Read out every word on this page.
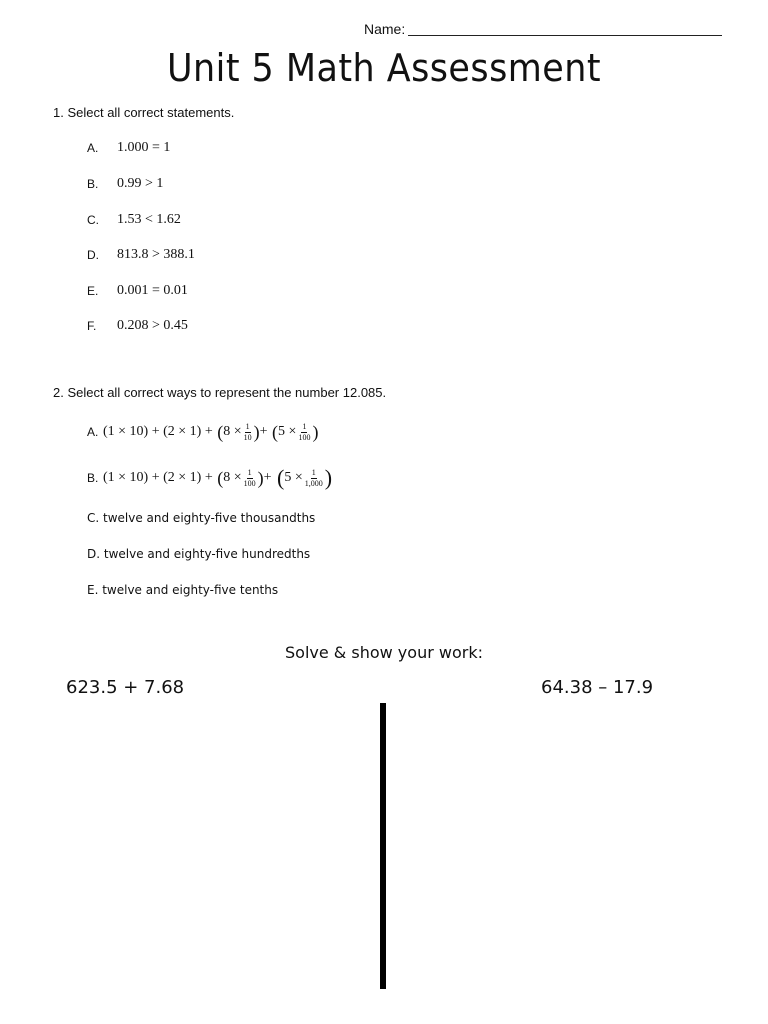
Name:
Unit 5 Math Assessment
1. Select all correct statements.
A.	1.000 = 1
B.	0.99 > 1
C.	1.53 < 1.62
D.	813.8 > 388.1
E.	0.001 = 0.01
F.	0.208 > 0.45
2. Select all correct ways to represent the number 12.085.
A. (1 × 10) + (2 × 1) + ( $8 \times \frac{1}{10}$ ) + ( $5 \times \frac{1}{100}$ )
B. (1 × 10) + (2 × 1) + ( $8 \times \frac{1}{100}$ ) + ( $5 \times \frac{1}{1,000}$ )
C. twelve and eighty-five thousandths
D. twelve and eighty-five hundredths
E. twelve and eighty-five tenths
Solve & show your work:
623.5 + 7.68	64.38 – 17.9
